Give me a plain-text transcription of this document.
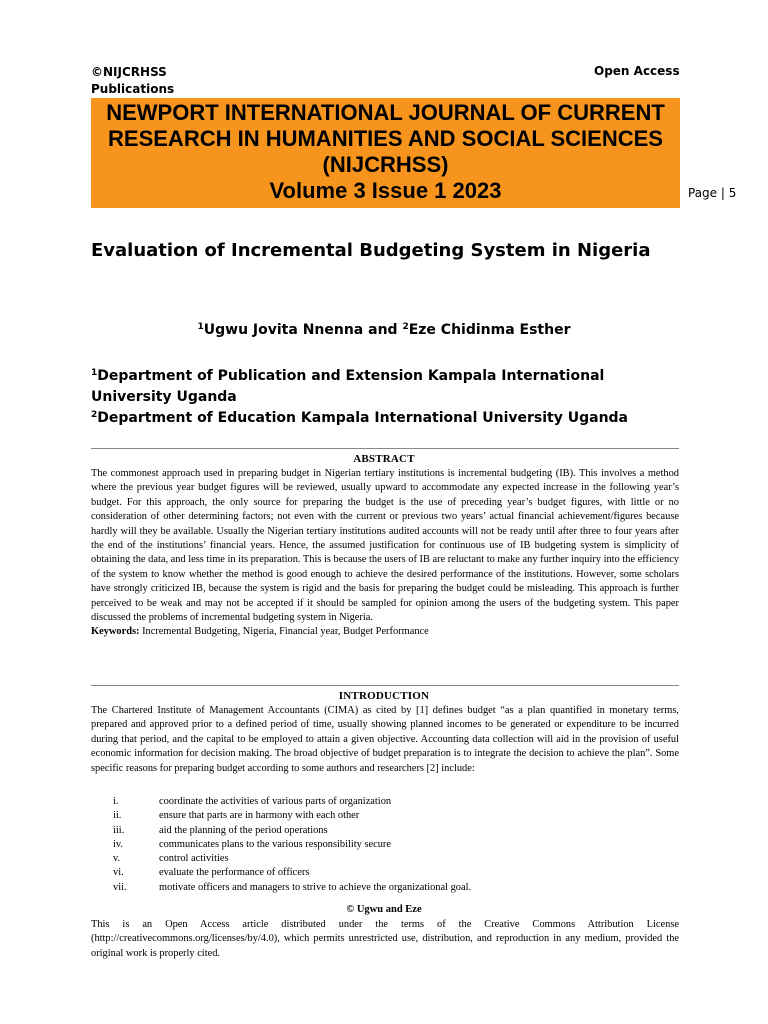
©NIJCRHSS
Publications
Open Access
NEWPORT INTERNATIONAL JOURNAL OF CURRENT
RESEARCH IN HUMANITIES AND SOCIAL SCIENCES
(NIJCRHSS)
Volume 3 Issue 1 2023	Page | 5
Evaluation of Incremental Budgeting System in Nigeria
$^1$Ugwu Jovita Nnenna and $^2$Eze Chidinma Esther

$^1$Department of Publication and Extension Kampala International University Uganda

$^2$Department of Education Kampala International University Uganda

ABSTRACT

The commonest approach used in preparing budget in Nigerian tertiary institutions is incremental budgeting (IB). This involves a method where the previous year budget figures will be reviewed, usually upward to accommodate any expected increase in the following year’s budget. For this approach, the only source for preparing the budget is the use of preceding year’s budget figures, with little or no consideration of other determining factors; not even with the current or previous two years’ actual financial achievement/figures because hardly will they be available. Usually the Nigerian tertiary institutions audited accounts will not be ready until after three to four years after the end of the institutions’ financial years. Hence, the assumed justification for continuous use of IB budgeting system is simplicity of obtaining the data, and less time in its preparation. This is because the users of IB are reluctant to make any further inquiry into the efficiency of the system to know whether the method is good enough to achieve the desired performance of the institutions. However, some scholars have strongly criticized IB, because the system is rigid and the basis for preparing the budget could be misleading. This approach is further perceived to be weak and may not be accepted if it should be sampled for opinion among the users of the budgeting system. This paper discussed the problems of incremental budgeting system in Nigeria.

Keywords: Incremental Budgeting, Nigeria, Financial year, Budget Performance

INTRODUCTION
The Chartered Institute of Management Accountants (CIMA) as cited by [1] defines budget “as a plan quantified in monetary terms, prepared and approved prior to a defined period of time, usually showing planned incomes to be generated or expenditure to be incurred during that period, and the capital to be employed to attain a given objective. Accounting data collection will aid in the provision of useful economic information for decision making. The broad objective of budget preparation is to integrate the decision to achieve the plan”. Some specific reasons for preparing budget according to some authors and researchers [2] include:
i.	coordinate the activities of various parts of organization
ii.	ensure that parts are in harmony with each other
iii.	aid the planning of the period operations
iv.	communicates plans to the various responsibility secure
v.	control activities
vi.	evaluate the performance of officers
vii.	motivate officers and managers to strive to achieve the organizational goal.
© Ugwu and Eze
This is an Open Access article distributed under the terms of the Creative Commons Attribution License (http://creativecommons.org/licenses/by/4.0), which permits unrestricted use, distribution, and reproduction in any medium, provided the original work is properly cited.
